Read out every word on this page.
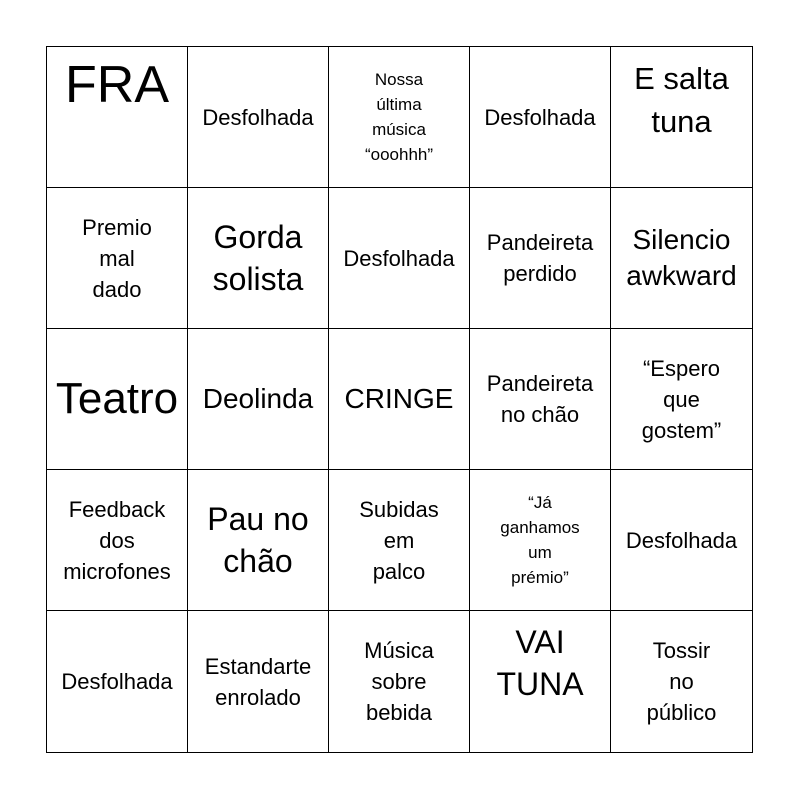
FRA
Desfolhada
Nossa
última
música
“ooohhh”
Desfolhada
E salta
tuna
Premio
mal
dado
Gorda
solista
Desfolhada
Pandeireta
perdido
Silencio
awkward
Teatro Deolinda CRINGE Pandeireta
no chão
“Espero
que
gostem”
Feedback
dos
microfones
Pau no
chão
Subidas
em
palco
“Já
ganhamos
um
prémio”
Desfolhada
Desfolhada
Estandarte
enrolado
Música
sobre
bebida
VAI
TUNA
Tossir
no
público
